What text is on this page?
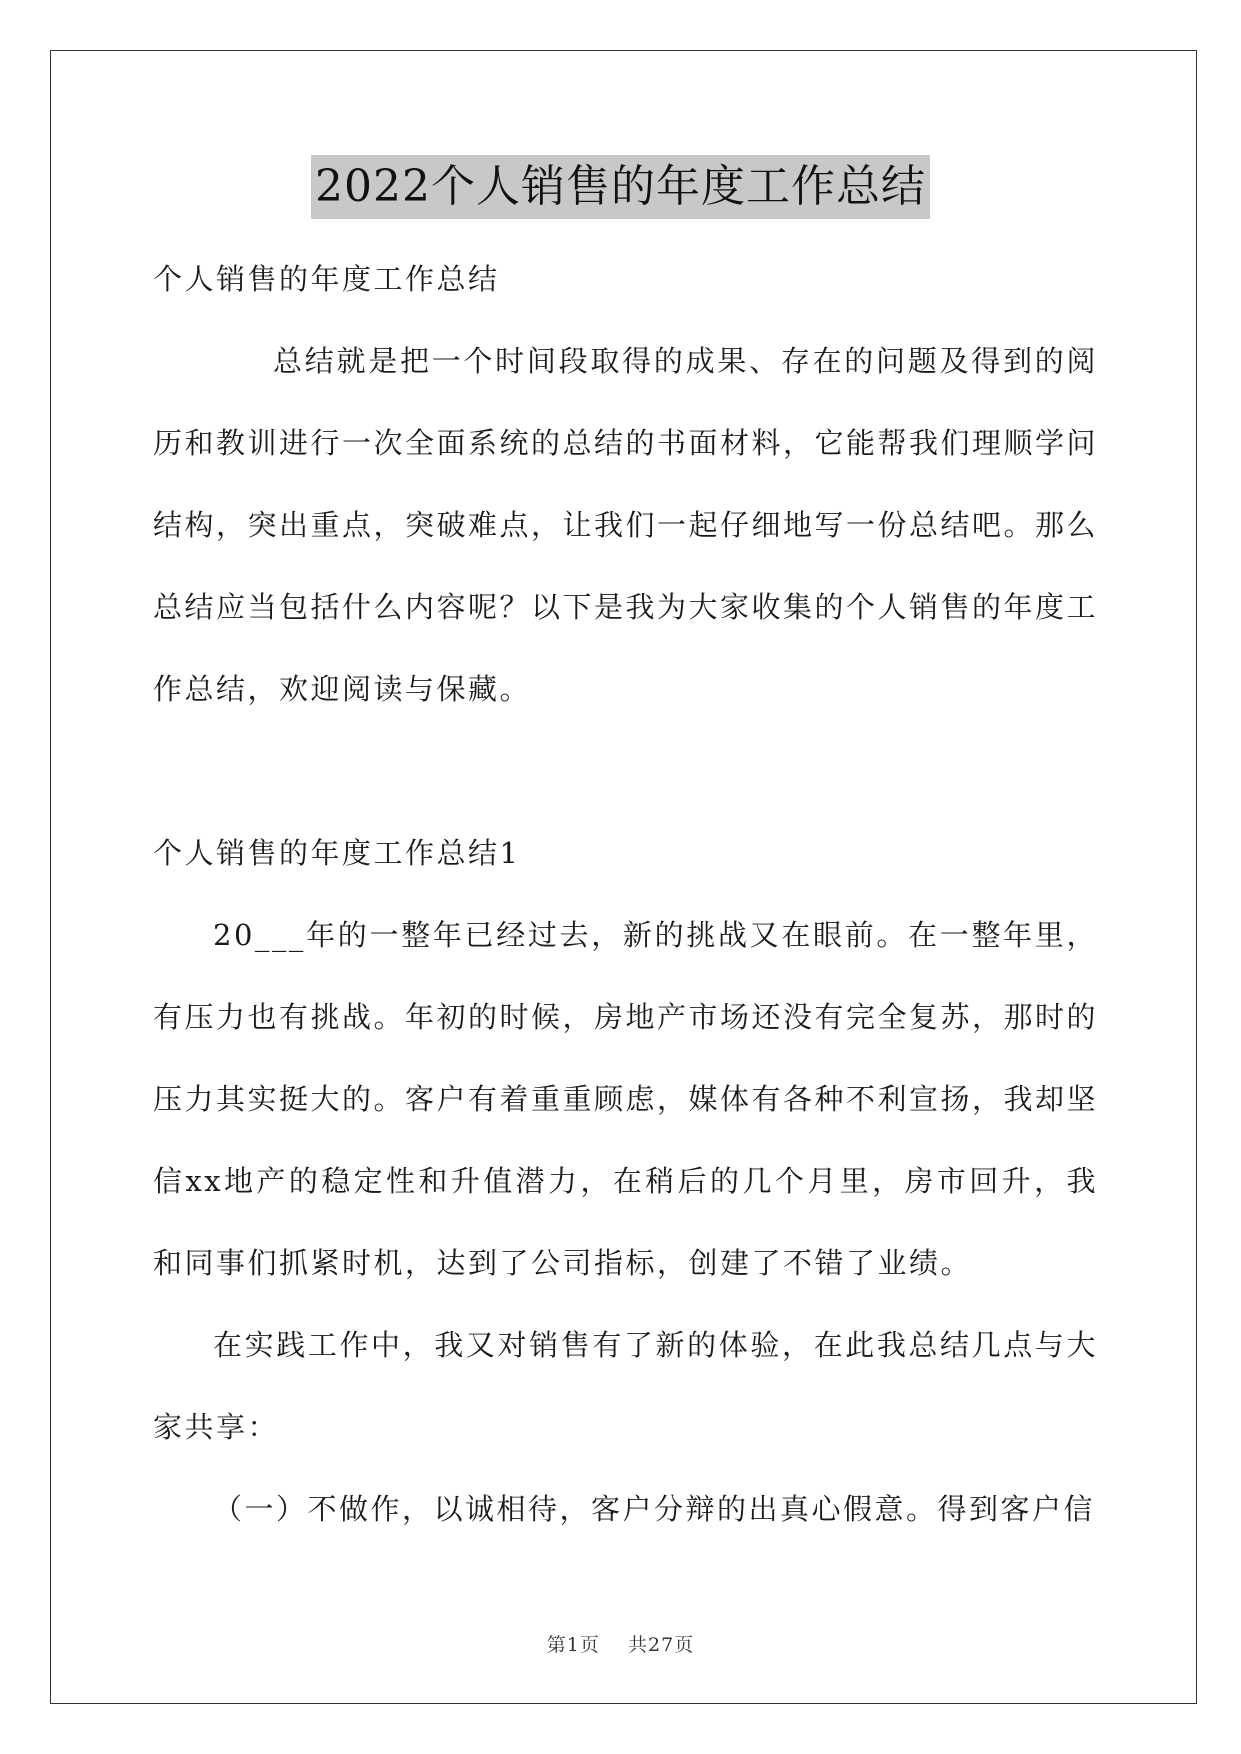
2022个人销售的年度工作总结

个人销售的年度工作总结

总结就是把一个时间段取得的成果、存在的问题及得到的阅历和教训进行一次全面系统的总结的书面材料，它能帮我们理顺学问结构，突出重点，突破难点，让我们一起仔细地写一份总结吧。那么总结应当包括什么内容呢？以下是我为大家收集的个人销售的年度工作总结，欢迎阅读与保藏。

个人销售的年度工作总结1

20___年的一整年已经过去，新的挑战又在眼前。在一整年里，有压力也有挑战。年初的时候，房地产市场还没有完全复苏，那时的压力其实挺大的。客户有着重重顾虑，媒体有各种不利宣扬，我却坚信xx地产的稳定性和升值潜力，在稍后的几个月里，房市回升，我和同事们抓紧时机，达到了公司指标，创建了不错了业绩。

在实践工作中，我又对销售有了新的体验，在此我总结几点与大家共享：

（一）不做作，以诚相待，客户分辩的出真心假意。得到客户信

第1页 共27页
